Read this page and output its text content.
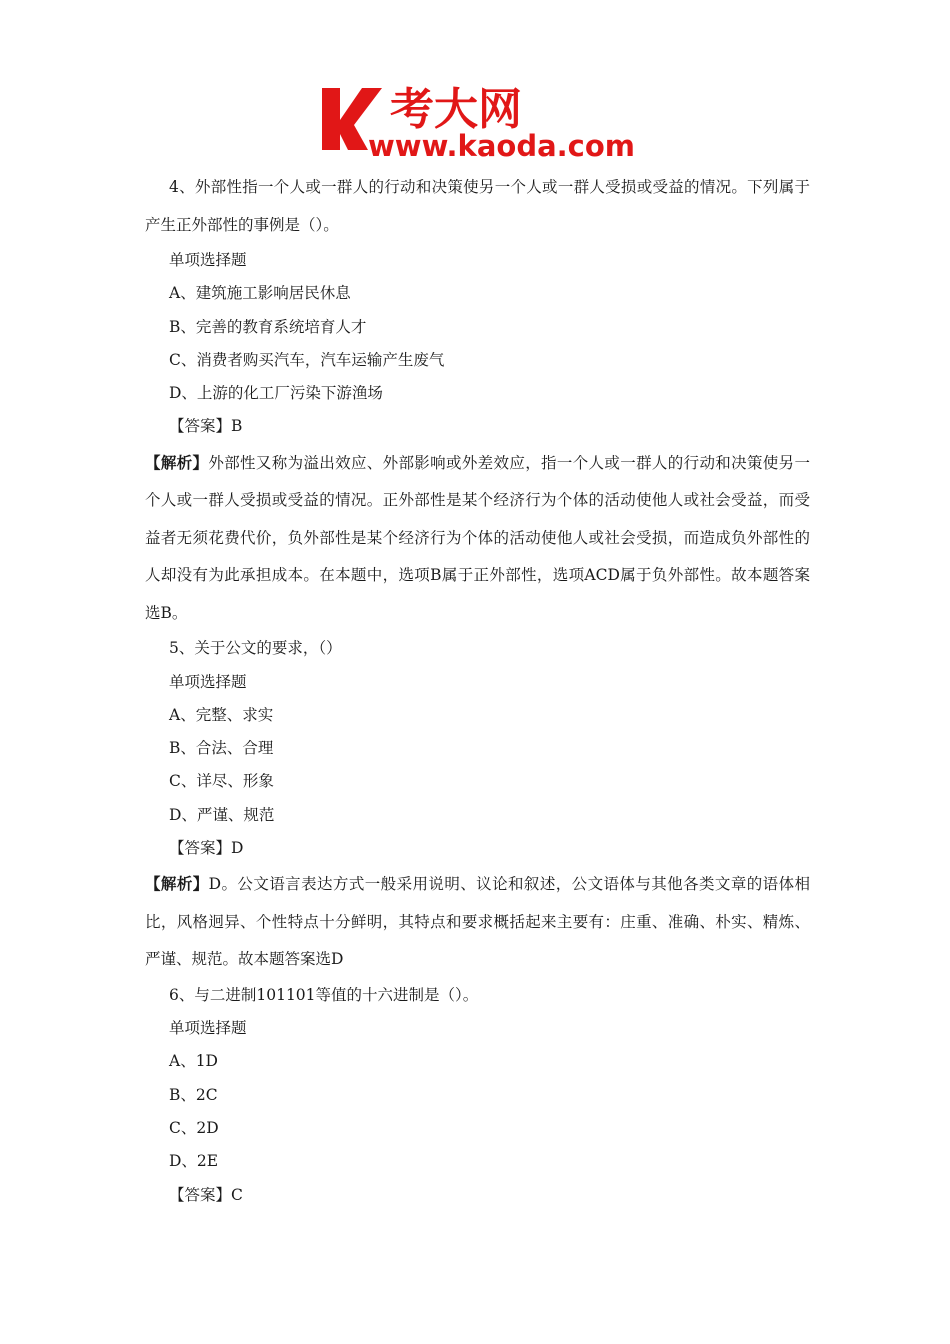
考大网
www.kaoda.com

4、外部性指一个人或一群人的行动和决策使另一个人或一群人受损或受益的情况。下列属于产生正外部性的事例是（）。

单项选择题

A、建筑施工影响居民休息

B、完善的教育系统培育人才

C、消费者购买汽车，汽车运输产生废气

D、上游的化工厂污染下游渔场

【答案】B

【解析】外部性又称为溢出效应、外部影响或外差效应，指一个人或一群人的行动和决策使另一个人或一群人受损或受益的情况。正外部性是某个经济行为个体的活动使他人或社会受益，而受益者无须花费代价，负外部性是某个经济行为个体的活动使他人或社会受损，而造成负外部性的人却没有为此承担成本。在本题中，选项B属于正外部性，选项ACD属于负外部性。故本题答案选B。

5、关于公文的要求，（）

单项选择题

A、完整、求实

B、合法、合理

C、详尽、形象

D、严谨、规范

【答案】D

【解析】D。公文语言表达方式一般采用说明、议论和叙述，公文语体与其他各类文章的语体相比，风格迥异、个性特点十分鲜明，其特点和要求概括起来主要有：庄重、准确、朴实、精炼、严谨、规范。故本题答案选D

6、与二进制101101等值的十六进制是（）。

单项选择题

A、1D

B、2C

C、2D

D、2E

【答案】C
